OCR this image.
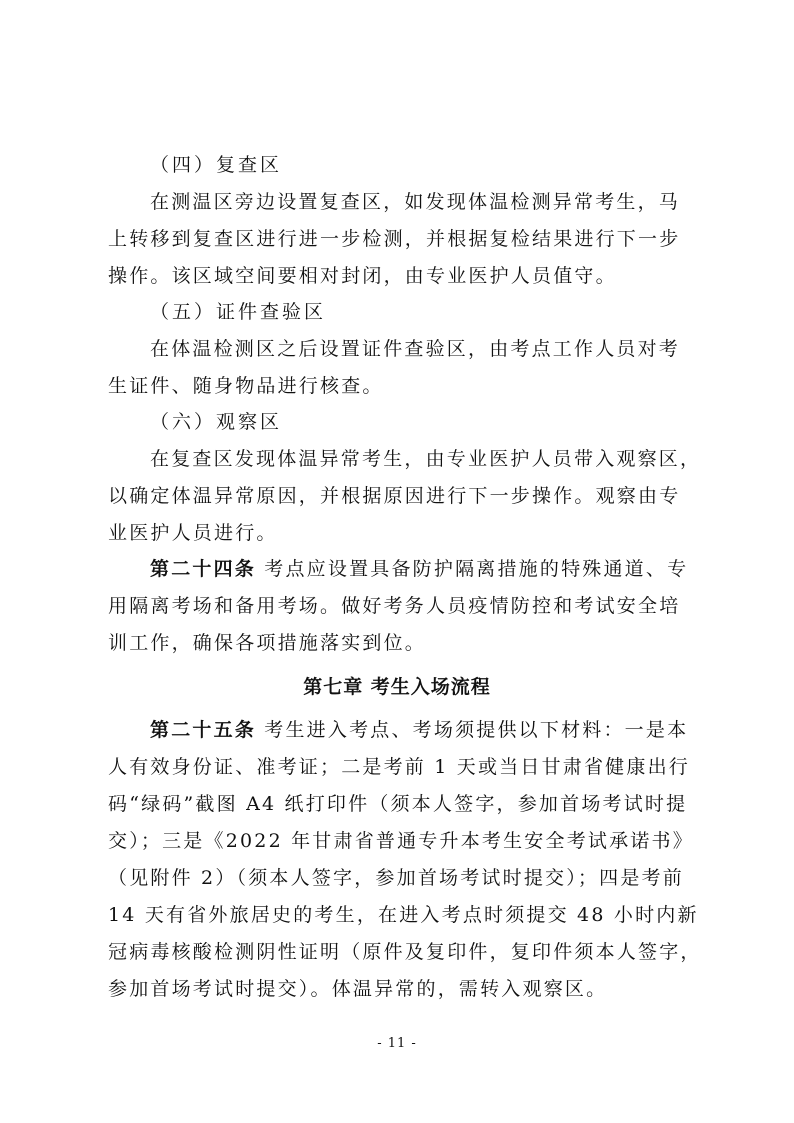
（四）复查区
在测温区旁边设置复查区，如发现体温检测异常考生，马
上转移到复查区进行进一步检测，并根据复检结果进行下一步
操作。该区域空间要相对封闭，由专业医护人员值守。
（五）证件查验区
在体温检测区之后设置证件查验区，由考点工作人员对考
生证件、随身物品进行核查。
（六）观察区
在复查区发现体温异常考生，由专业医护人员带入观察区，
以确定体温异常原因，并根据原因进行下一步操作。观察由专
业医护人员进行。
第二十四条 考点应设置具备防护隔离措施的特殊通道、专
用隔离考场和备用考场。做好考务人员疫情防控和考试安全培
训工作，确保各项措施落实到位。
第七章 考生入场流程
第二十五条 考生进入考点、考场须提供以下材料：一是本
人有效身份证、准考证；二是考前 1 天或当日甘肃省健康出行
码“绿码”截图 A4 纸打印件（须本人签字，参加首场考试时提
交）；三是《2022 年甘肃省普通专升本考生安全考试承诺书》
（见附件 2）（须本人签字，参加首场考试时提交）；四是考前
14 天有省外旅居史的考生，在进入考点时须提交 48 小时内新
冠病毒核酸检测阴性证明（原件及复印件，复印件须本人签字，
参加首场考试时提交）。体温异常的，需转入观察区。
- 11 -
